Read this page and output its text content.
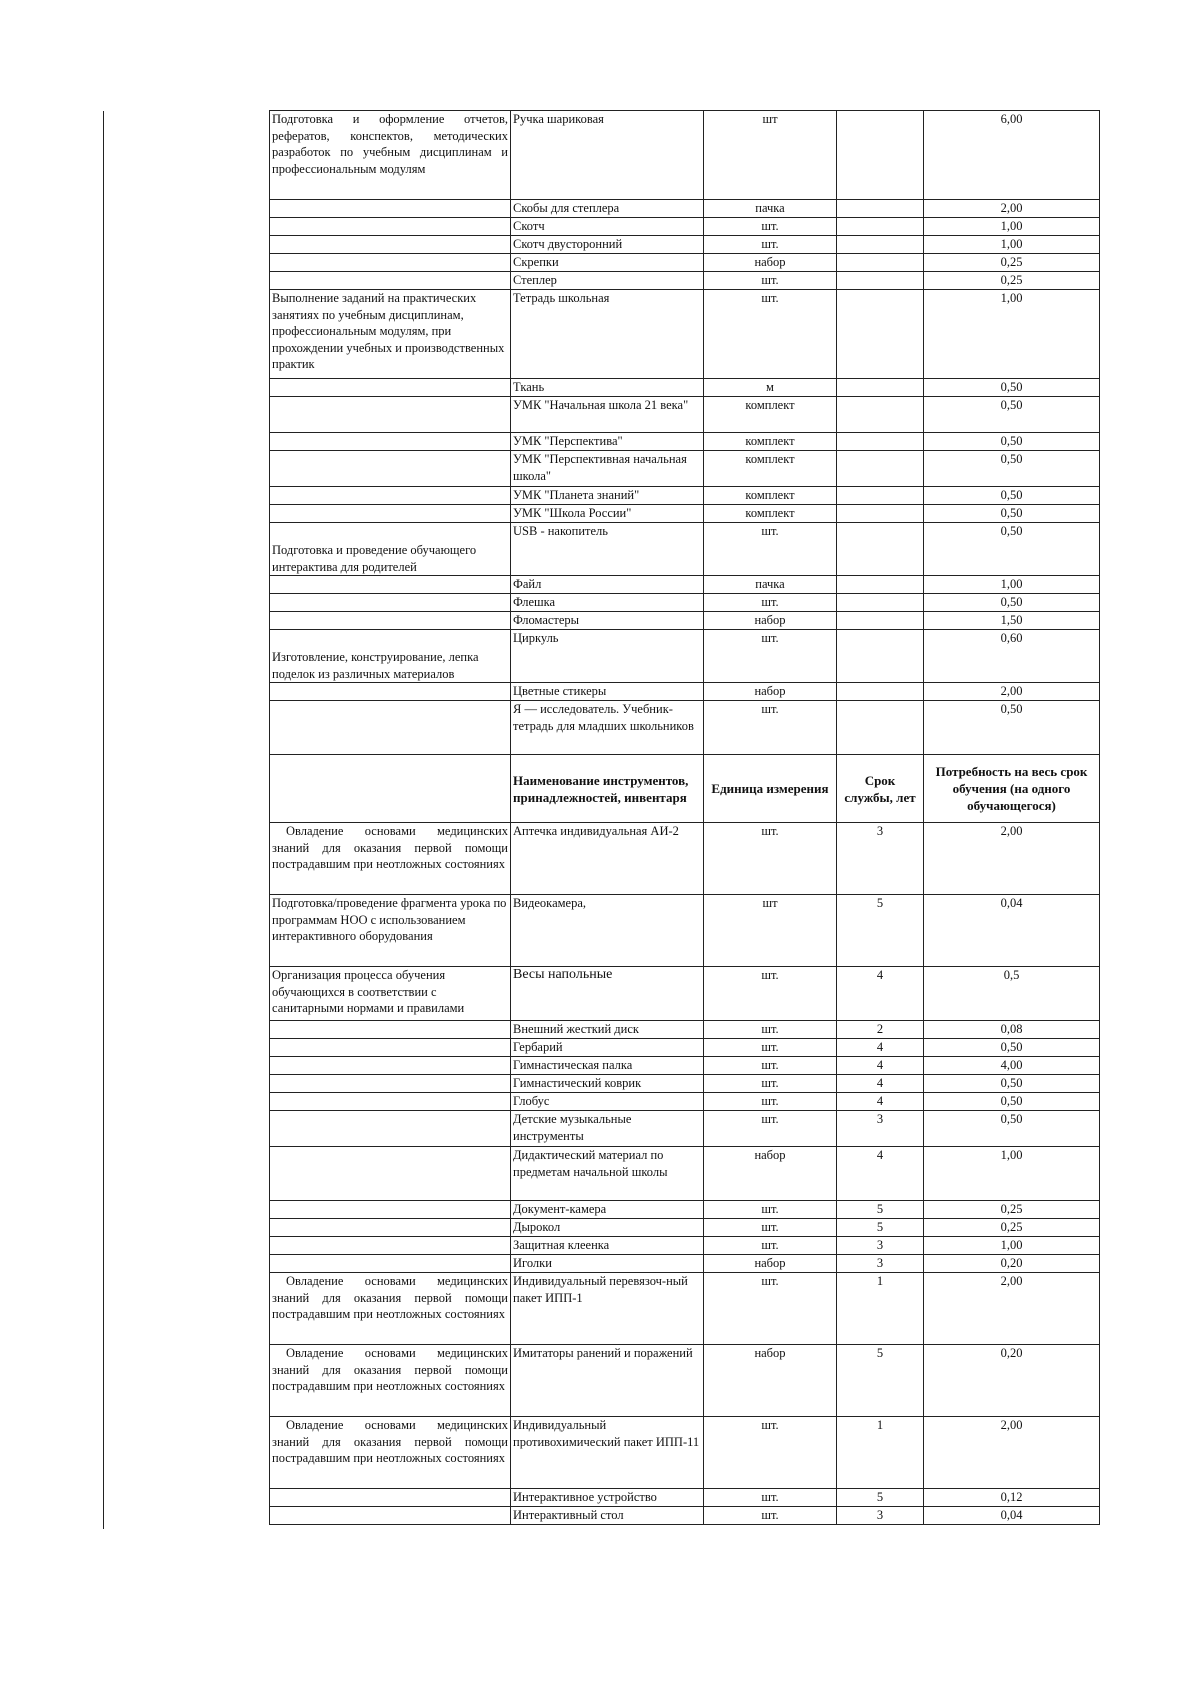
Подготовка и оформление отчетов, рефератов, конспектов, методических разработок по учебным дисциплинам и профессиональным модулям	Ручка шариковая	шт		6,00
	Скобы для степлера	пачка		2,00
	Скотч	шт.		1,00
	Скотч двусторонний	шт.		1,00
	Скрепки	набор		0,25
	Степлер	шт.		0,25
Выполнение заданий на практических занятиях по учебным дисциплинам, профессиональным модулям, при прохождении учебных и производственных практик	Тетрадь школьная	шт.		1,00
	Ткань	м		0,50
	УМК "Начальная школа 21 века"	комплект		0,50
	УМК "Перспектива"	комплект		0,50
	УМК "Перспективная начальная школа"	комплект		0,50
	УМК "Планета знаний"	комплект		0,50
	УМК "Школа России"	комплект		0,50
Подготовка и проведение обучающего интерактива для родителей	USB - накопитель	шт.		0,50
	Файл	пачка		1,00
	Флешка	шт.		0,50
	Фломастеры	набор		1,50
Изготовление, конструирование, лепка поделок из различных материалов	Циркуль	шт.		0,60
	Цветные стикеры	набор		2,00
	Я — исследователь. Учебник-тетрадь для младших школьников	шт.		0,50
	Наименование инструментов, принадлежностей, инвентаря	Единица измерения	Срок службы, лет	Потребность на весь срок обучения (на одного обучающегося)
Овладение основами медицинских знаний для оказания первой помощи пострадавшим при неотложных состояниях	Аптечка индивидуальная АИ-2	шт.	3	2,00
Подготовка/проведение фрагмента урока по программам НОО с использованием интерактивного оборудования	Видеокамера,	шт	5	0,04
Организация процесса обучения обучающихся в соответствии с санитарными нормами и правилами	Весы напольные	шт.	4	0,5
	Внешний жесткий диск	шт.	2	0,08
	Гербарий	шт.	4	0,50
	Гимнастическая палка	шт.	4	4,00
	Гимнастический коврик	шт.	4	0,50
	Глобус	шт.	4	0,50
	Детские музыкальные инструменты	шт.	3	0,50
	Дидактический материал по предметам начальной школы	набор	4	1,00
	Документ-камера	шт.	5	0,25
	Дырокол	шт.	5	0,25
	Защитная клеенка	шт.	3	1,00
	Иголки	набор	3	0,20
Овладение основами медицинских знаний для оказания первой помощи пострадавшим при неотложных состояниях	Индивидуальный перевязоч-ный пакет ИПП-1	шт.	1	2,00
Овладение основами медицинских знаний для оказания первой помощи пострадавшим при неотложных состояниях	Имитаторы ранений и поражений	набор	5	0,20
Овладение основами медицинских знаний для оказания первой помощи пострадавшим при неотложных состояниях	Индивидуальный противохимический пакет ИПП-11	шт.	1	2,00
	Интерактивное устройство	шт.	5	0,12
	Интерактивный стол	шт.	3	0,04
